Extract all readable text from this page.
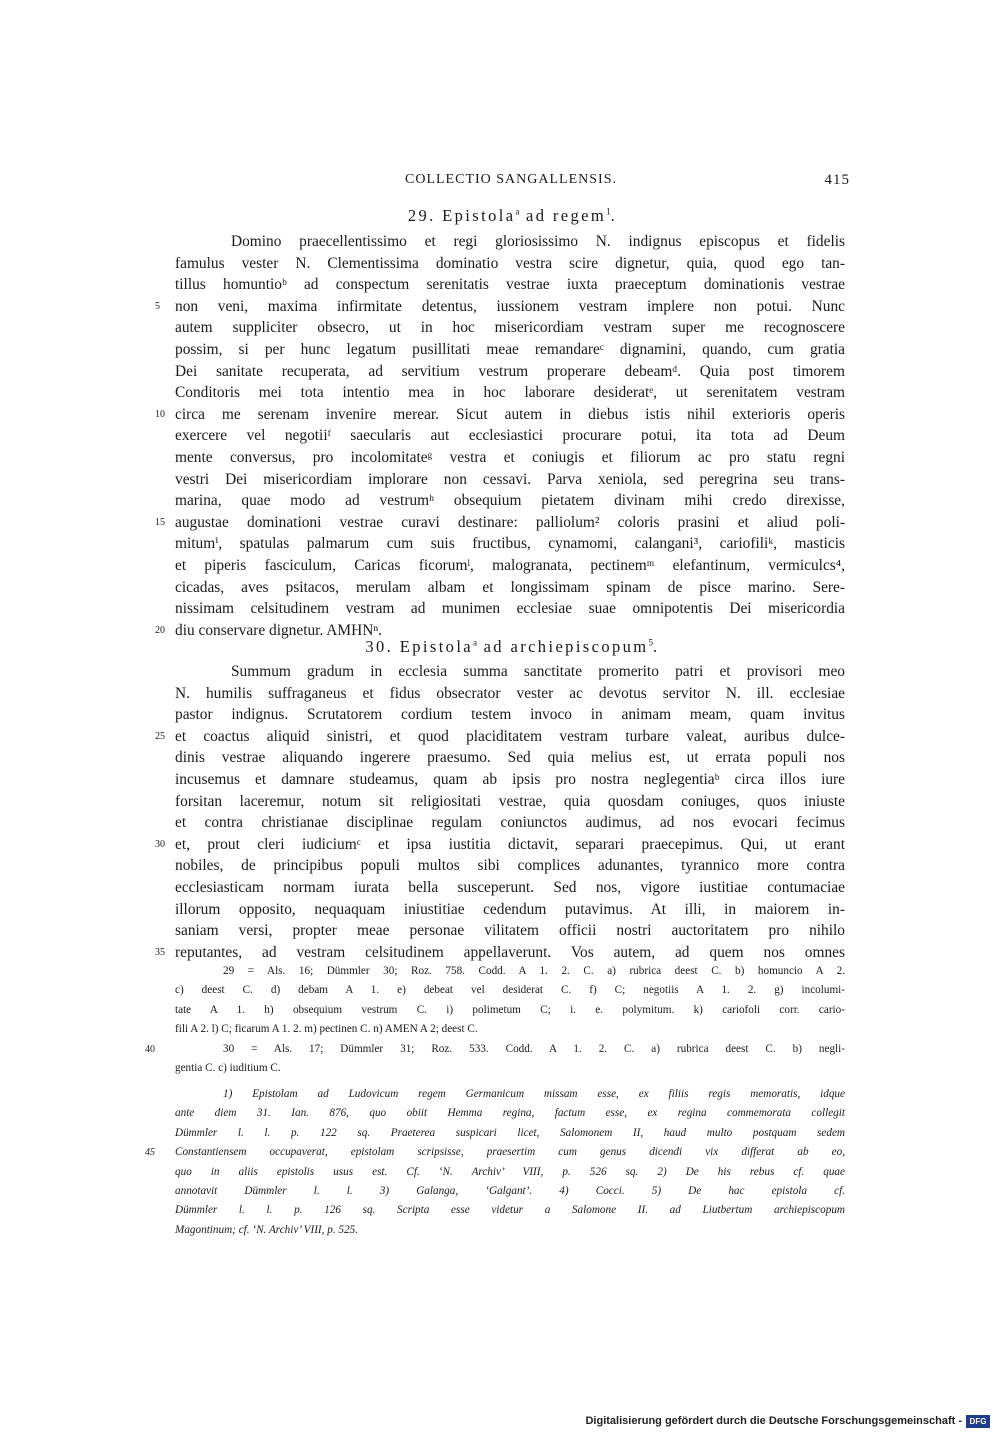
COLLECTIO SANGALLENSIS.	415
29. Epistola$^a$ ad regem$^1$.
Domino praecellentissimo et regi gloriosissimo N. indignus episcopus et fidelis
famulus vester N. Clementissima dominatio vestra scire dignetur, quia, quod ego tan-
tillus homuntioᵇ ad conspectum serenitatis vestrae iuxta praeceptum dominationis vestrae
5 non veni, maxima infirmitate detentus, iussionem vestram implere non potui. Nunc
autem suppliciter obsecro, ut in hoc misericordiam vestram super me recognoscere
possim, si per hunc legatum pusillitati meae remandareᶜ dignamini, quando, cum gratia
Dei sanitate recuperata, ad servitium vestrum properare debeamᵈ. Quia post timorem
Conditoris mei tota intentio mea in hoc laborare desideratᵉ, ut serenitatem vestram
10 circa me serenam invenire merear. Sicut autem in diebus istis nihil exterioris operis
exercere vel negotiiᶠ saecularis aut ecclesiastici procurare potui, ita tota ad Deum
mente conversus, pro incolomitateᵍ vestra et coniugis et filiorum ac pro statu regni
vestri Dei misericordiam implorare non cessavi. Parva xeniola, sed peregrina seu trans-
marina, quae modo ad vestrumʰ obsequium pietatem divinam mihi credo direxisse,
15 augustae dominationi vestrae curavi destinare: palliolum² coloris prasini et aliud poli-
mitumⁱ, spatulas palmarum cum suis fructibus, cynamomi, calangani³, cariofiliᵏ, masticis
et piperis fasciculum, Caricas ficorumˡ, malogranata, pectinemᵐ elefantinum, vermiculcs⁴,
cicadas, aves psitacos, merulam albam et longissimam spinam de pisce marino. Sere-
nissimam celsitudinem vestram ad munimen ecclesiae suae omnipotentis Dei misericordia
20 diu conservare dignetur. AMHNⁿ.
30. Epistola$^a$ ad archiepiscopum$^5$.
Summum gradum in ecclesia summa sanctitate promerito patri et provisori meo
N. humilis suffraganeus et fidus obsecrator vester ac devotus servitor N. ill. ecclesiae
pastor indignus. Scrutatorem cordium testem invoco in animam meam, quam invitus
25 et coactus aliquid sinistri, et quod placiditatem vestram turbare valeat, auribus dulce-
dinis vestrae aliquando ingerere praesumo. Sed quia melius est, ut errata populi nos
incusemus et damnare studeamus, quam ab ipsis pro nostra neglegentiaᵇ circa illos iure
forsitan laceremur, notum sit religiositati vestrae, quia quosdam coniuges, quos iniuste
et contra christianae disciplinae regulam coniunctos audimus, ad nos evocari fecimus
30 et, prout cleri iudiciumᶜ et ipsa iustitia dictavit, separari praecepimus. Qui, ut erant
nobiles, de principibus populi multos sibi complices adunantes, tyrannico more contra
ecclesiasticam normam iurata bella susceperunt. Sed nos, vigore iustitiae contumaciae
illorum opposito, nequaquam iniustitiae cedendum putavimus. At illi, in maiorem in-
saniam versi, propter meae personae vilitatem officii nostri auctoritatem pro nihilo
35 reputantes, ad vestram celsitudinem appellaverunt. Vos autem, ad quem nos omnes
29 = Als. 16; Dümmler 30; Roz. 758. Codd. A 1. 2. C. a) rubrica deest C. b) homuncio A 2.
c) deest C. d) debam A 1. e) debeat vel desiderat C. f) C; negotiis A 1. 2. g) incolumi-
tate A 1. h) obsequium vestrum C. i) polimetum C; i. e. polymitum. k) cariofoli corr. cario-
fili A 2. l) C; ficarum A 1. 2. m) pectinen C. n) AMEN A 2; deest C.
40	30 = Als. 17; Dümmler 31; Roz. 533. Codd. A 1. 2. C. a) rubrica deest C. b) negli-
gentia C. c) iuditium C.
1) Epistolam ad Ludovicum regem Germanicum missam esse, ex filiis regis memoratis, idque
ante diem 31. Ian. 876, quo obiit Hemma regina, factum esse, ex regina commemorata collegit
Dümmler l. l. p. 122 sq. Praeterea suspicari licet, Salomonem II, haud multo postquam sedem
45 Constantiensem occupaverat, epistolam scripsisse, praesertim cum genus dicendi vix differat ab eo,
quo in aliis epistolis usus est. Cf. ‘N. Archiv’ VIII, p. 526 sq. 2) De his rebus cf. quae
annotavit Dümmler l. l. 3) Galanga, ‘Galgant’. 4) Cocci. 5) De hac epistola cf.
Dümmler l. l. p. 126 sq. Scripta esse videtur a Salomone II. ad Liutbertum archiepiscopum
Magontinum; cf. ‘N. Archiv’ VIII, p. 525.
Digitalisierung gefördert durch die Deutsche Forschungsgemeinschaft - DFG
